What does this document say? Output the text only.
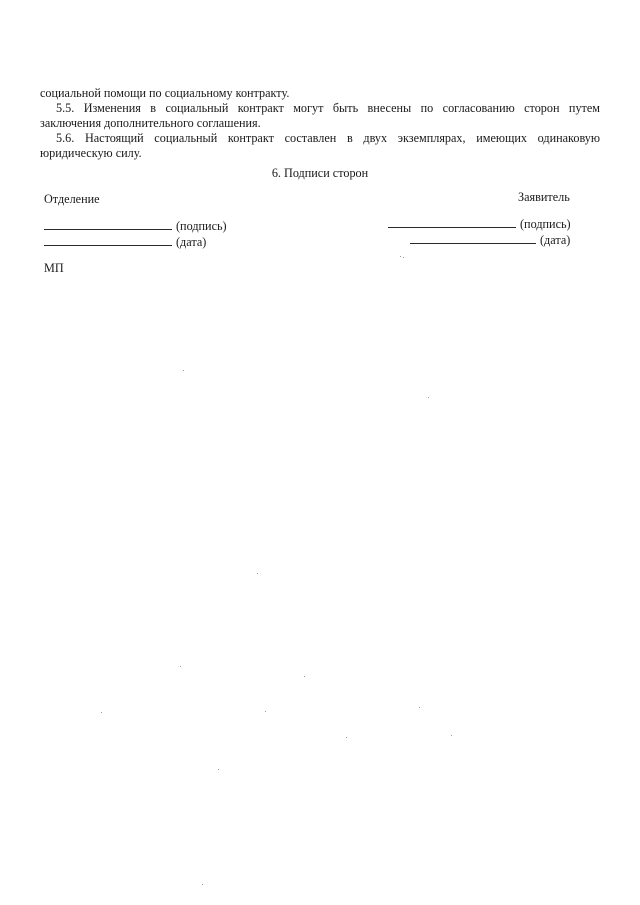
социальной помощи по социальному контракту.
5.5. Изменения в социальный контракт могут быть внесены по согласованию сторон путем
заключения дополнительного соглашения.
5.6. Настоящий социальный контракт составлен в двух экземплярах, имеющих одинаковую
юридическую силу.
6. Подписи сторон
Отделение	Заявитель
(подпись)
(дата)
(подпись)
(дата)
МП
